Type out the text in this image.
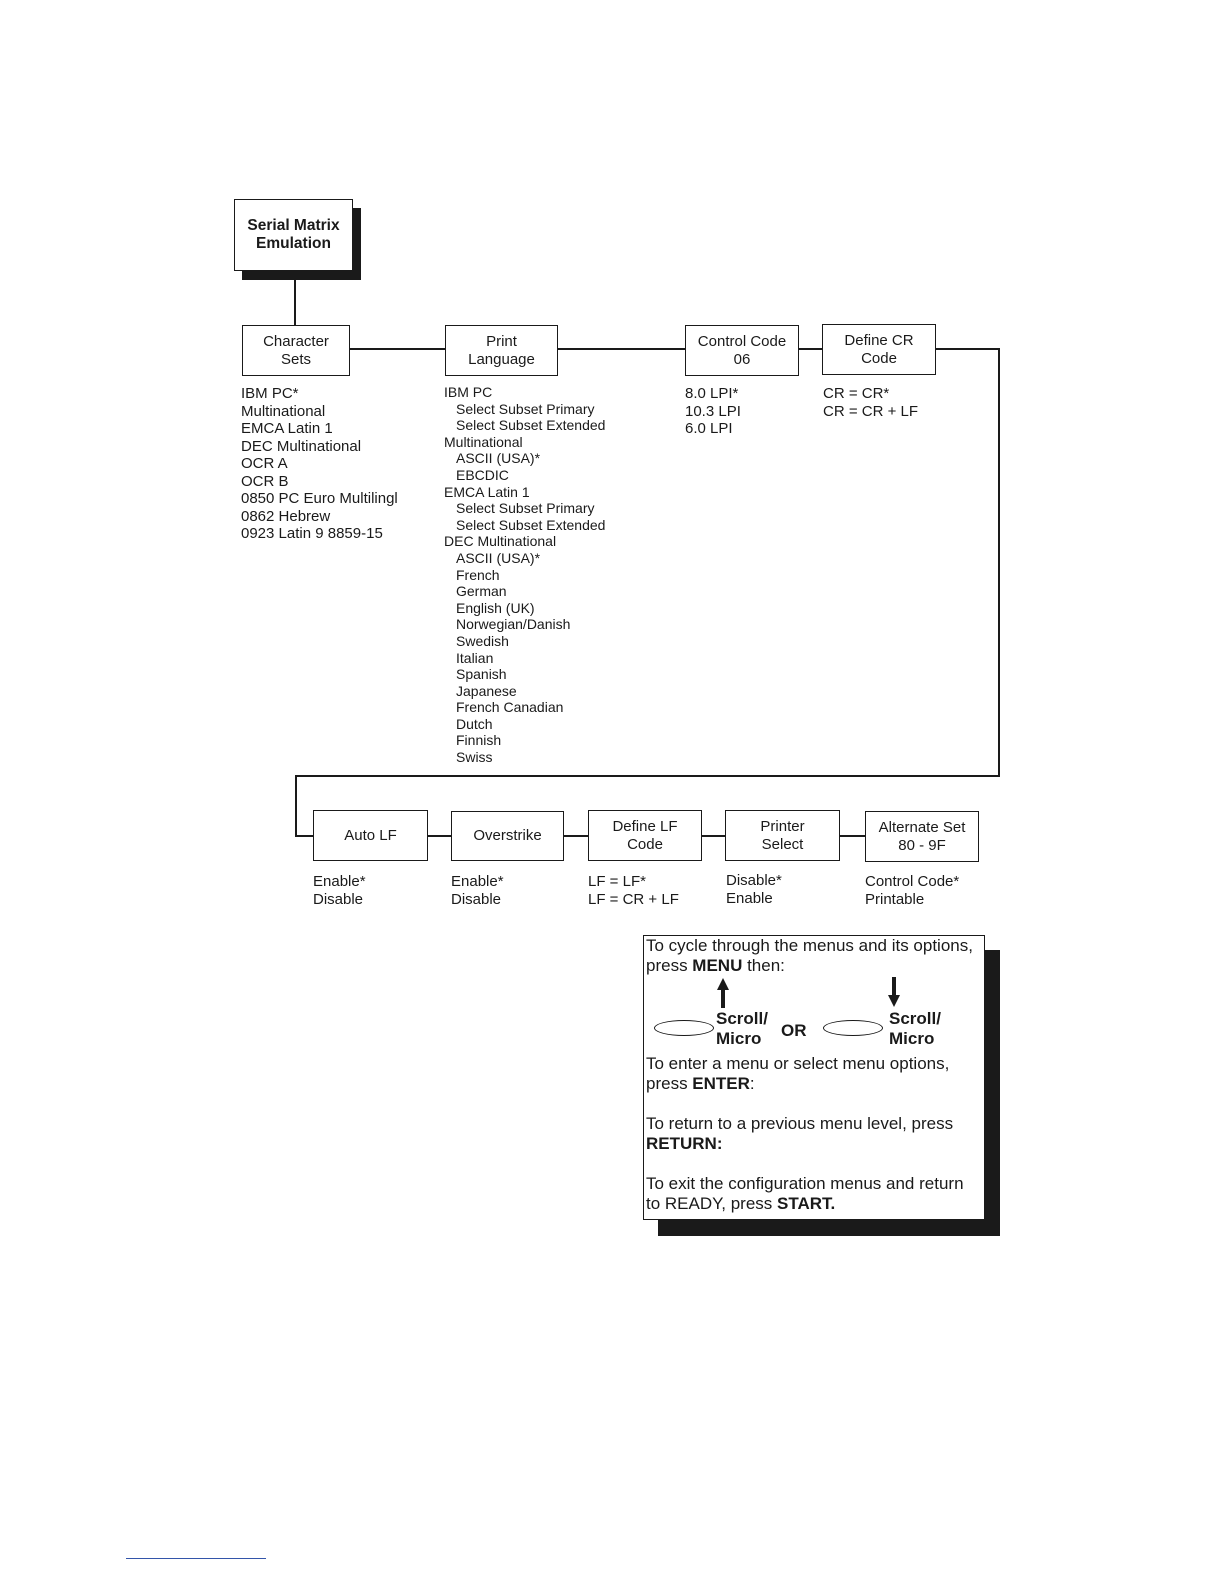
Serial Matrix
Emulation
Character
Sets
Print
Language
Control Code
06
Define CR
Code
IBM PC*
Multinational
EMCA Latin 1
DEC Multinational
OCR A
OCR B
0850 PC Euro Multilingl
0862 Hebrew
0923 Latin 9 8859-15
IBM PC
Select Subset Primary
Select Subset Extended
Multinational
ASCII (USA)*
EBCDIC
EMCA Latin 1
Select Subset Primary
Select Subset Extended
DEC Multinational
ASCII (USA)*
French
German
English (UK)
Norwegian/Danish
Swedish
Italian
Spanish
Japanese
French Canadian
Dutch
Finnish
Swiss
8.0 LPI*
10.3 LPI
6.0 LPI
CR = CR*
CR = CR + LF
Auto LF	Overstrike
Define LF
Code
Printer
Select
Alternate Set
80 - 9F
Enable*
Disable
Enable*
Disable
LF = LF*
LF = CR + LF
Disable*
Enable
Control Code*
Printable

To cycle through the menus and its options, press MENU then:

To enter a menu or select menu options, press ENTER:

To return to a previous menu level, press RETURN:

To exit the configuration menus and return to READY, press START.

Scroll/
Micro	OR
Scroll/
Micro
